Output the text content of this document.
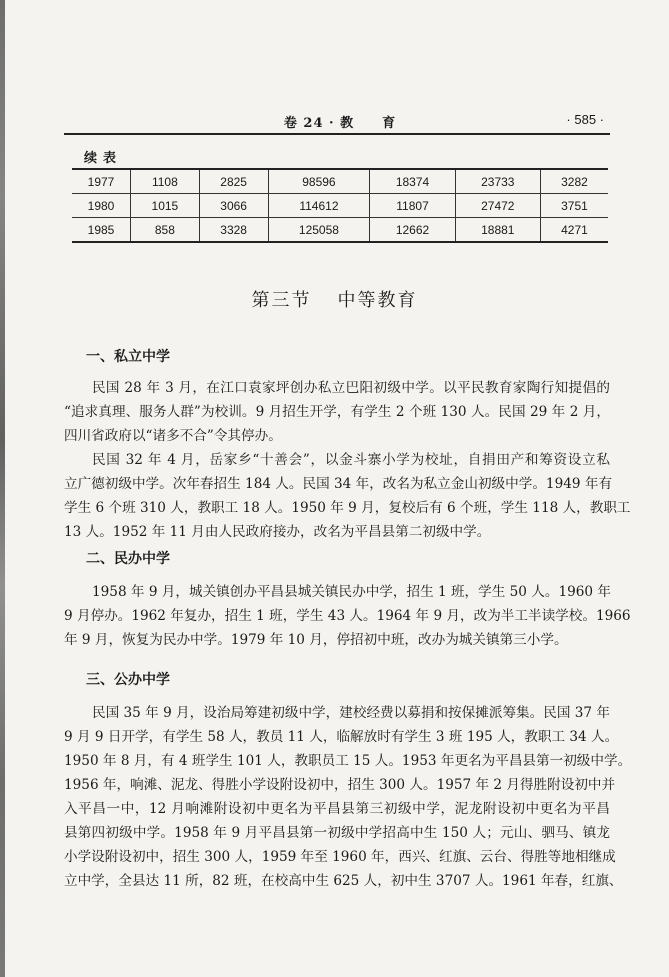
卷 24 · 教　　育	· 585 ·
续表
1977	1108	2825	98596	18374	23733	3282
1980	1015	3066	114612	11807	27472	3751
1985	858	3328	125058	12662	18881	4271
第三节 中等教育
一、私立中学
民国 28 年 3 月，在江口袁家坪创办私立巴阳初级中学。以平民教育家陶行知提倡的
“追求真理、服务人群”为校训。9 月招生开学，有学生 2 个班 130 人。民国 29 年 2 月，
四川省政府以“诸多不合”令其停办。
民国 32 年 4 月，岳家乡“十善会”，以金斗寨小学为校址，自捐田产和筹资设立私
立广德初级中学。次年春招生 184 人。民国 34 年，改名为私立金山初级中学。1949 年有
学生 6 个班 310 人，教职工 18 人。1950 年 9 月，复校后有 6 个班，学生 118 人，教职工
13 人。1952 年 11 月由人民政府接办，改名为平昌县第二初级中学。
二、民办中学
1958 年 9 月，城关镇创办平昌县城关镇民办中学，招生 1 班，学生 50 人。1960 年
9 月停办。1962 年复办，招生 1 班，学生 43 人。1964 年 9 月，改为半工半读学校。1966
年 9 月，恢复为民办中学。1979 年 10 月，停招初中班，改办为城关镇第三小学。
三、公办中学
民国 35 年 9 月，设治局筹建初级中学，建校经费以募捐和按保摊派筹集。民国 37 年
9 月 9 日开学，有学生 58 人，教员 11 人，临解放时有学生 3 班 195 人，教职工 34 人。
1950 年 8 月，有 4 班学生 101 人，教职员工 15 人。1953 年更名为平昌县第一初级中学。
1956 年，响滩、泥龙、得胜小学设附设初中，招生 300 人。1957 年 2 月得胜附设初中并
入平昌一中，12 月响滩附设初中更名为平昌县第三初级中学，泥龙附设初中更名为平昌
县第四初级中学。1958 年 9 月平昌县第一初级中学招高中生 150 人；元山、驷马、镇龙
小学设附设初中，招生 300 人，1959 年至 1960 年，西兴、红旗、云台、得胜等地相继成
立中学，全县达 11 所，82 班，在校高中生 625 人，初中生 3707 人。1961 年春，红旗、
